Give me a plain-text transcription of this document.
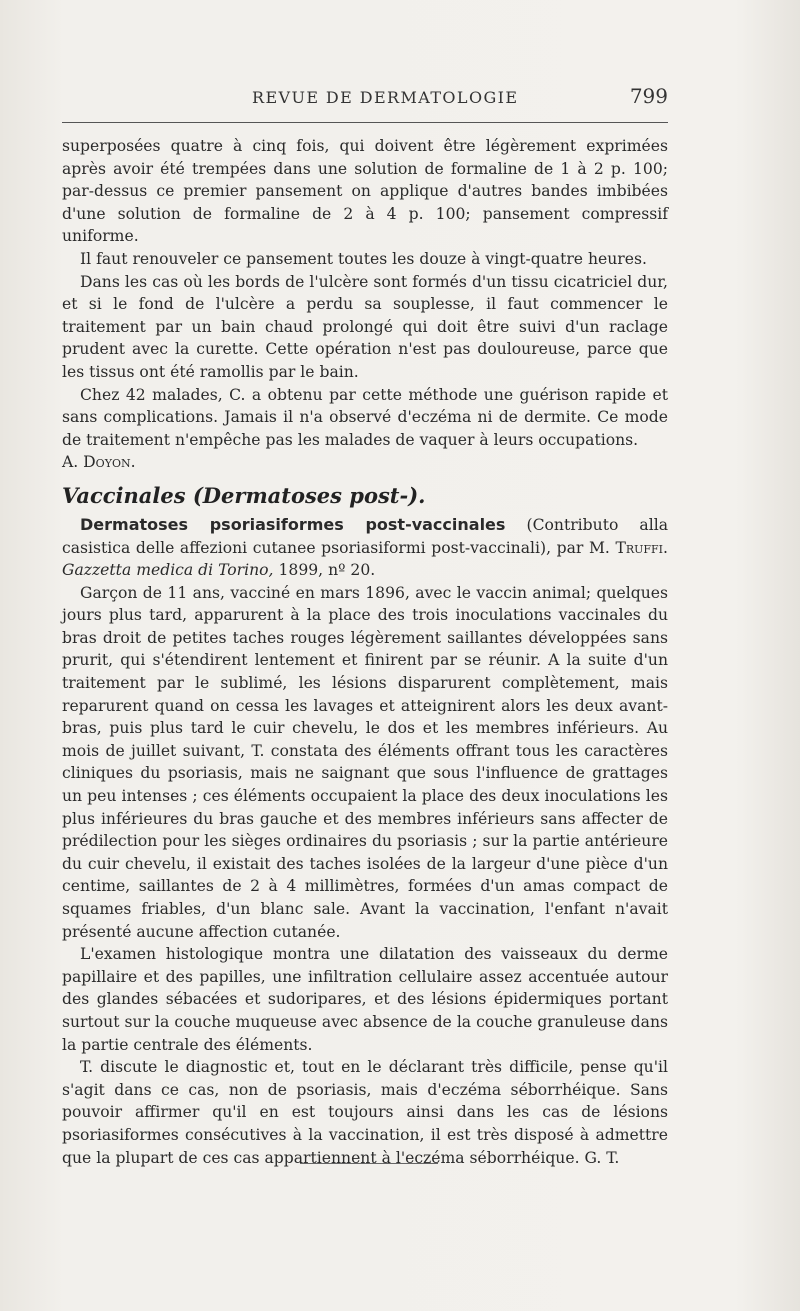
REVUE DE DERMATOLOGIE	799

superposées quatre à cinq fois, qui doivent être légèrement exprimées après avoir été trempées dans une solution de formaline de 1 à 2 p. 100; par-dessus ce premier pansement on applique d'autres bandes imbibées d'une solution de formaline de 2 à 4 p. 100; pansement compressif uniforme.

Il faut renouveler ce pansement toutes les douze à vingt-quatre heures.

Dans les cas où les bords de l'ulcère sont formés d'un tissu cicatriciel dur, et si le fond de l'ulcère a perdu sa souplesse, il faut commencer le traitement par un bain chaud prolongé qui doit être suivi d'un raclage prudent avec la curette. Cette opération n'est pas douloureuse, parce que les tissus ont été ramollis par le bain.

Chez 42 malades, C. a obtenu par cette méthode une guérison rapide et sans complications. Jamais il n'a observé d'eczéma ni de dermite. Ce mode de traitement n'empêche pas les malades de vaquer à leurs occupations.

A. Doyon.

Vaccinales (Dermatoses post-).

Dermatoses psoriasiformes post-vaccinales (Contributo alla casistica delle affezioni cutanee psoriasiformi post-vaccinali), par M. Truffi. Gazzetta medica di Torino, 1899, nº 20.

Garçon de 11 ans, vacciné en mars 1896, avec le vaccin animal; quelques jours plus tard, apparurent à la place des trois inoculations vaccinales du bras droit de petites taches rouges légèrement saillantes développées sans prurit, qui s'étendirent lentement et finirent par se réunir. A la suite d'un traitement par le sublimé, les lésions disparurent complètement, mais reparurent quand on cessa les lavages et atteignirent alors les deux avant-bras, puis plus tard le cuir chevelu, le dos et les membres inférieurs. Au mois de juillet suivant, T. constata des éléments offrant tous les caractères cliniques du psoriasis, mais ne saignant que sous l'influence de grattages un peu intenses ; ces éléments occupaient la place des deux inoculations les plus inférieures du bras gauche et des membres inférieurs sans affecter de prédilection pour les sièges ordinaires du psoriasis ; sur la partie antérieure du cuir chevelu, il existait des taches isolées de la largeur d'une pièce d'un centime, saillantes de 2 à 4 millimètres, formées d'un amas compact de squames friables, d'un blanc sale. Avant la vaccination, l'enfant n'avait présenté aucune affection cutanée.

L'examen histologique montra une dilatation des vaisseaux du derme papillaire et des papilles, une infiltration cellulaire assez accentuée autour des glandes sébacées et sudoripares, et des lésions épidermiques portant surtout sur la couche muqueuse avec absence de la couche granuleuse dans la partie centrale des éléments.

T. discute le diagnostic et, tout en le déclarant très difficile, pense qu'il s'agit dans ce cas, non de psoriasis, mais d'eczéma séborrhéique. Sans pouvoir affirmer qu'il en est toujours ainsi dans les cas de lésions psoriasiformes consécutives à la vaccination, il est très disposé à admettre que la plupart de ces cas appartiennent à l'eczéma séborrhéique. G. T.
